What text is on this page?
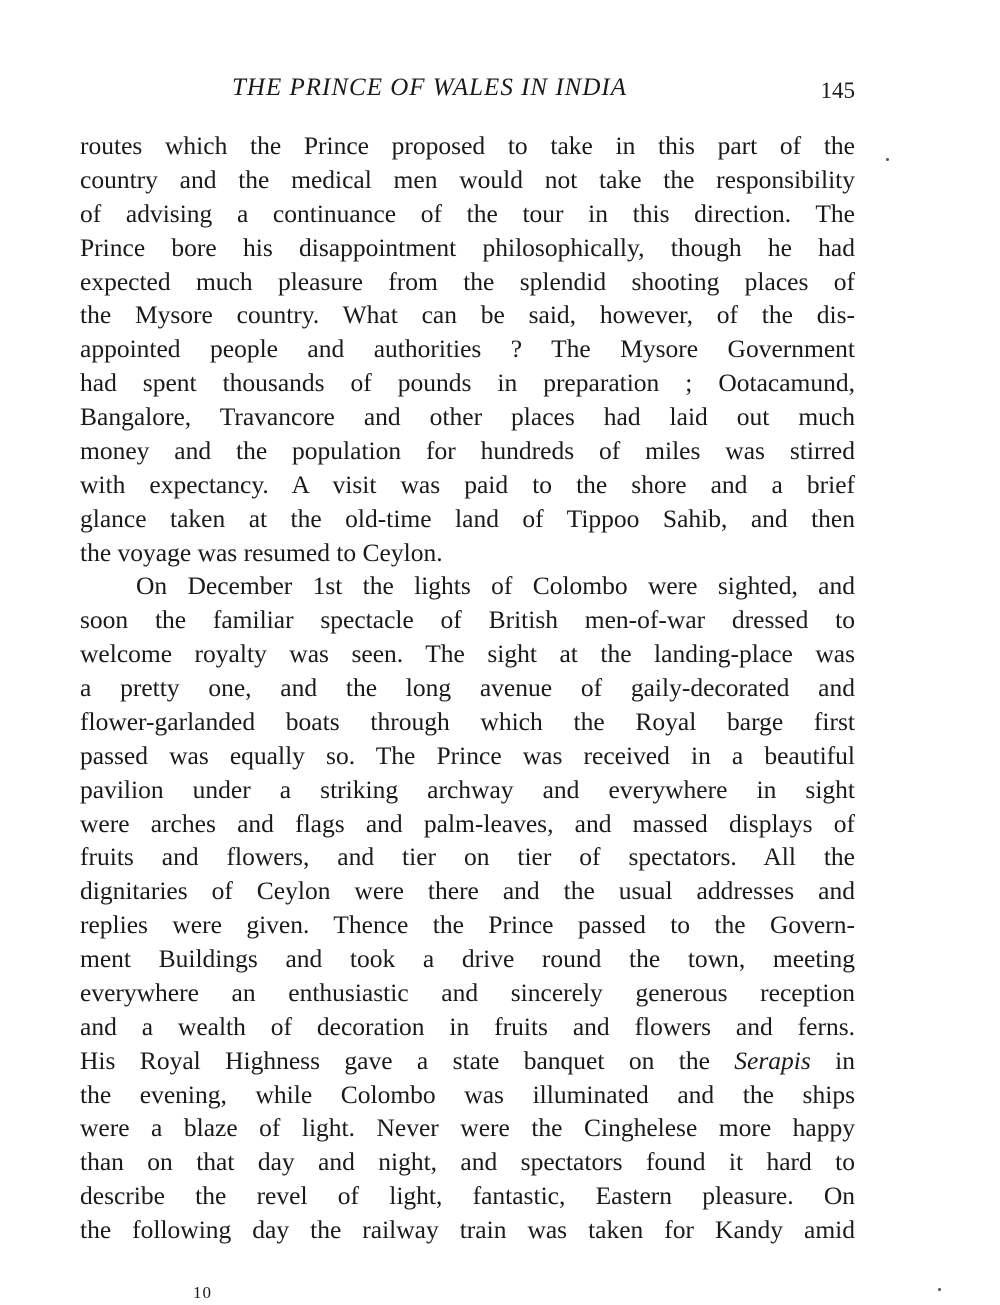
THE PRINCE OF WALES IN INDIA	145
routes which the Prince proposed to take in this part of the
country and the medical men would not take the responsibility
of advising a continuance of the tour in this direction. The
Prince bore his disappointment philosophically, though he had
expected much pleasure from the splendid shooting places of
the Mysore country. What can be said, however, of the dis-
appointed people and authorities ? The Mysore Government
had spent thousands of pounds in preparation ; Ootacamund,
Bangalore, Travancore and other places had laid out much
money and the population for hundreds of miles was stirred
with expectancy. A visit was paid to the shore and a brief
glance taken at the old-time land of Tippoo Sahib, and then
the voyage was resumed to Ceylon.
On December 1st the lights of Colombo were sighted, and
soon the familiar spectacle of British men-of-war dressed to
welcome royalty was seen. The sight at the landing-place was
a pretty one, and the long avenue of gaily-decorated and
flower-garlanded boats through which the Royal barge first
passed was equally so. The Prince was received in a beautiful
pavilion under a striking archway and everywhere in sight
were arches and flags and palm-leaves, and massed displays of
fruits and flowers, and tier on tier of spectators. All the
dignitaries of Ceylon were there and the usual addresses and
replies were given. Thence the Prince passed to the Govern-
ment Buildings and took a drive round the town, meeting
everywhere an enthusiastic and sincerely generous reception
and a wealth of decoration in fruits and flowers and ferns.
His Royal Highness gave a state banquet on the Serapis in
the evening, while Colombo was illuminated and the ships
were a blaze of light. Never were the Cinghelese more happy
than on that day and night, and spectators found it hard to
describe the revel of light, fantastic, Eastern pleasure. On
the following day the railway train was taken for Kandy amid
10
